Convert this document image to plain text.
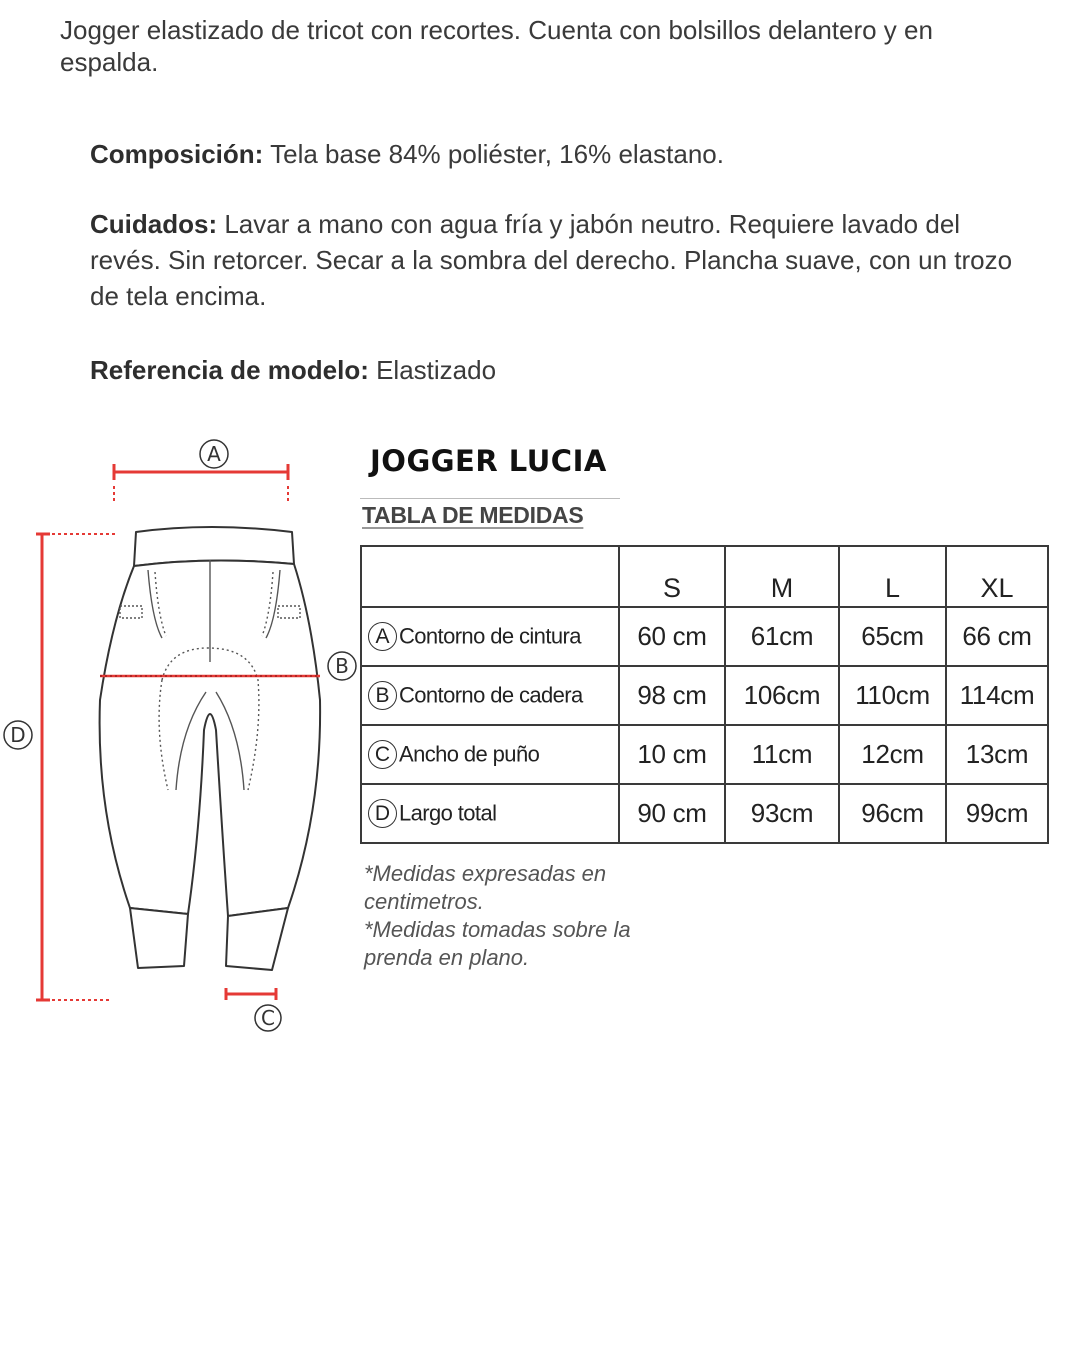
Jogger elastizado de tricot con recortes. Cuenta con bolsillos delantero y en espalda.

Composición: Tela base 84% poliéster, 16% elastano.

Cuidados: Lavar a mano con agua fría y jabón neutro. Requiere lavado del revés. Sin retorcer. Secar a la sombra del derecho. Plancha suave, con un trozo de tela encima.

Referencia de modelo: Elastizado

A
D
B
C
JOGGER LUCIA
TABLA DE MEDIDAS
	S	M	L	XL
A Contorno de cintura	60 cm	61cm	65cm	66 cm
B Contorno de cadera	98 cm	106cm	110cm	114cm
C Ancho de puño	10 cm	11cm	12cm	13cm
D Largo total	90 cm	93cm	96cm	99cm

*Medidas expresadas en centimetros.

*Medidas tomadas sobre la prenda en plano.
